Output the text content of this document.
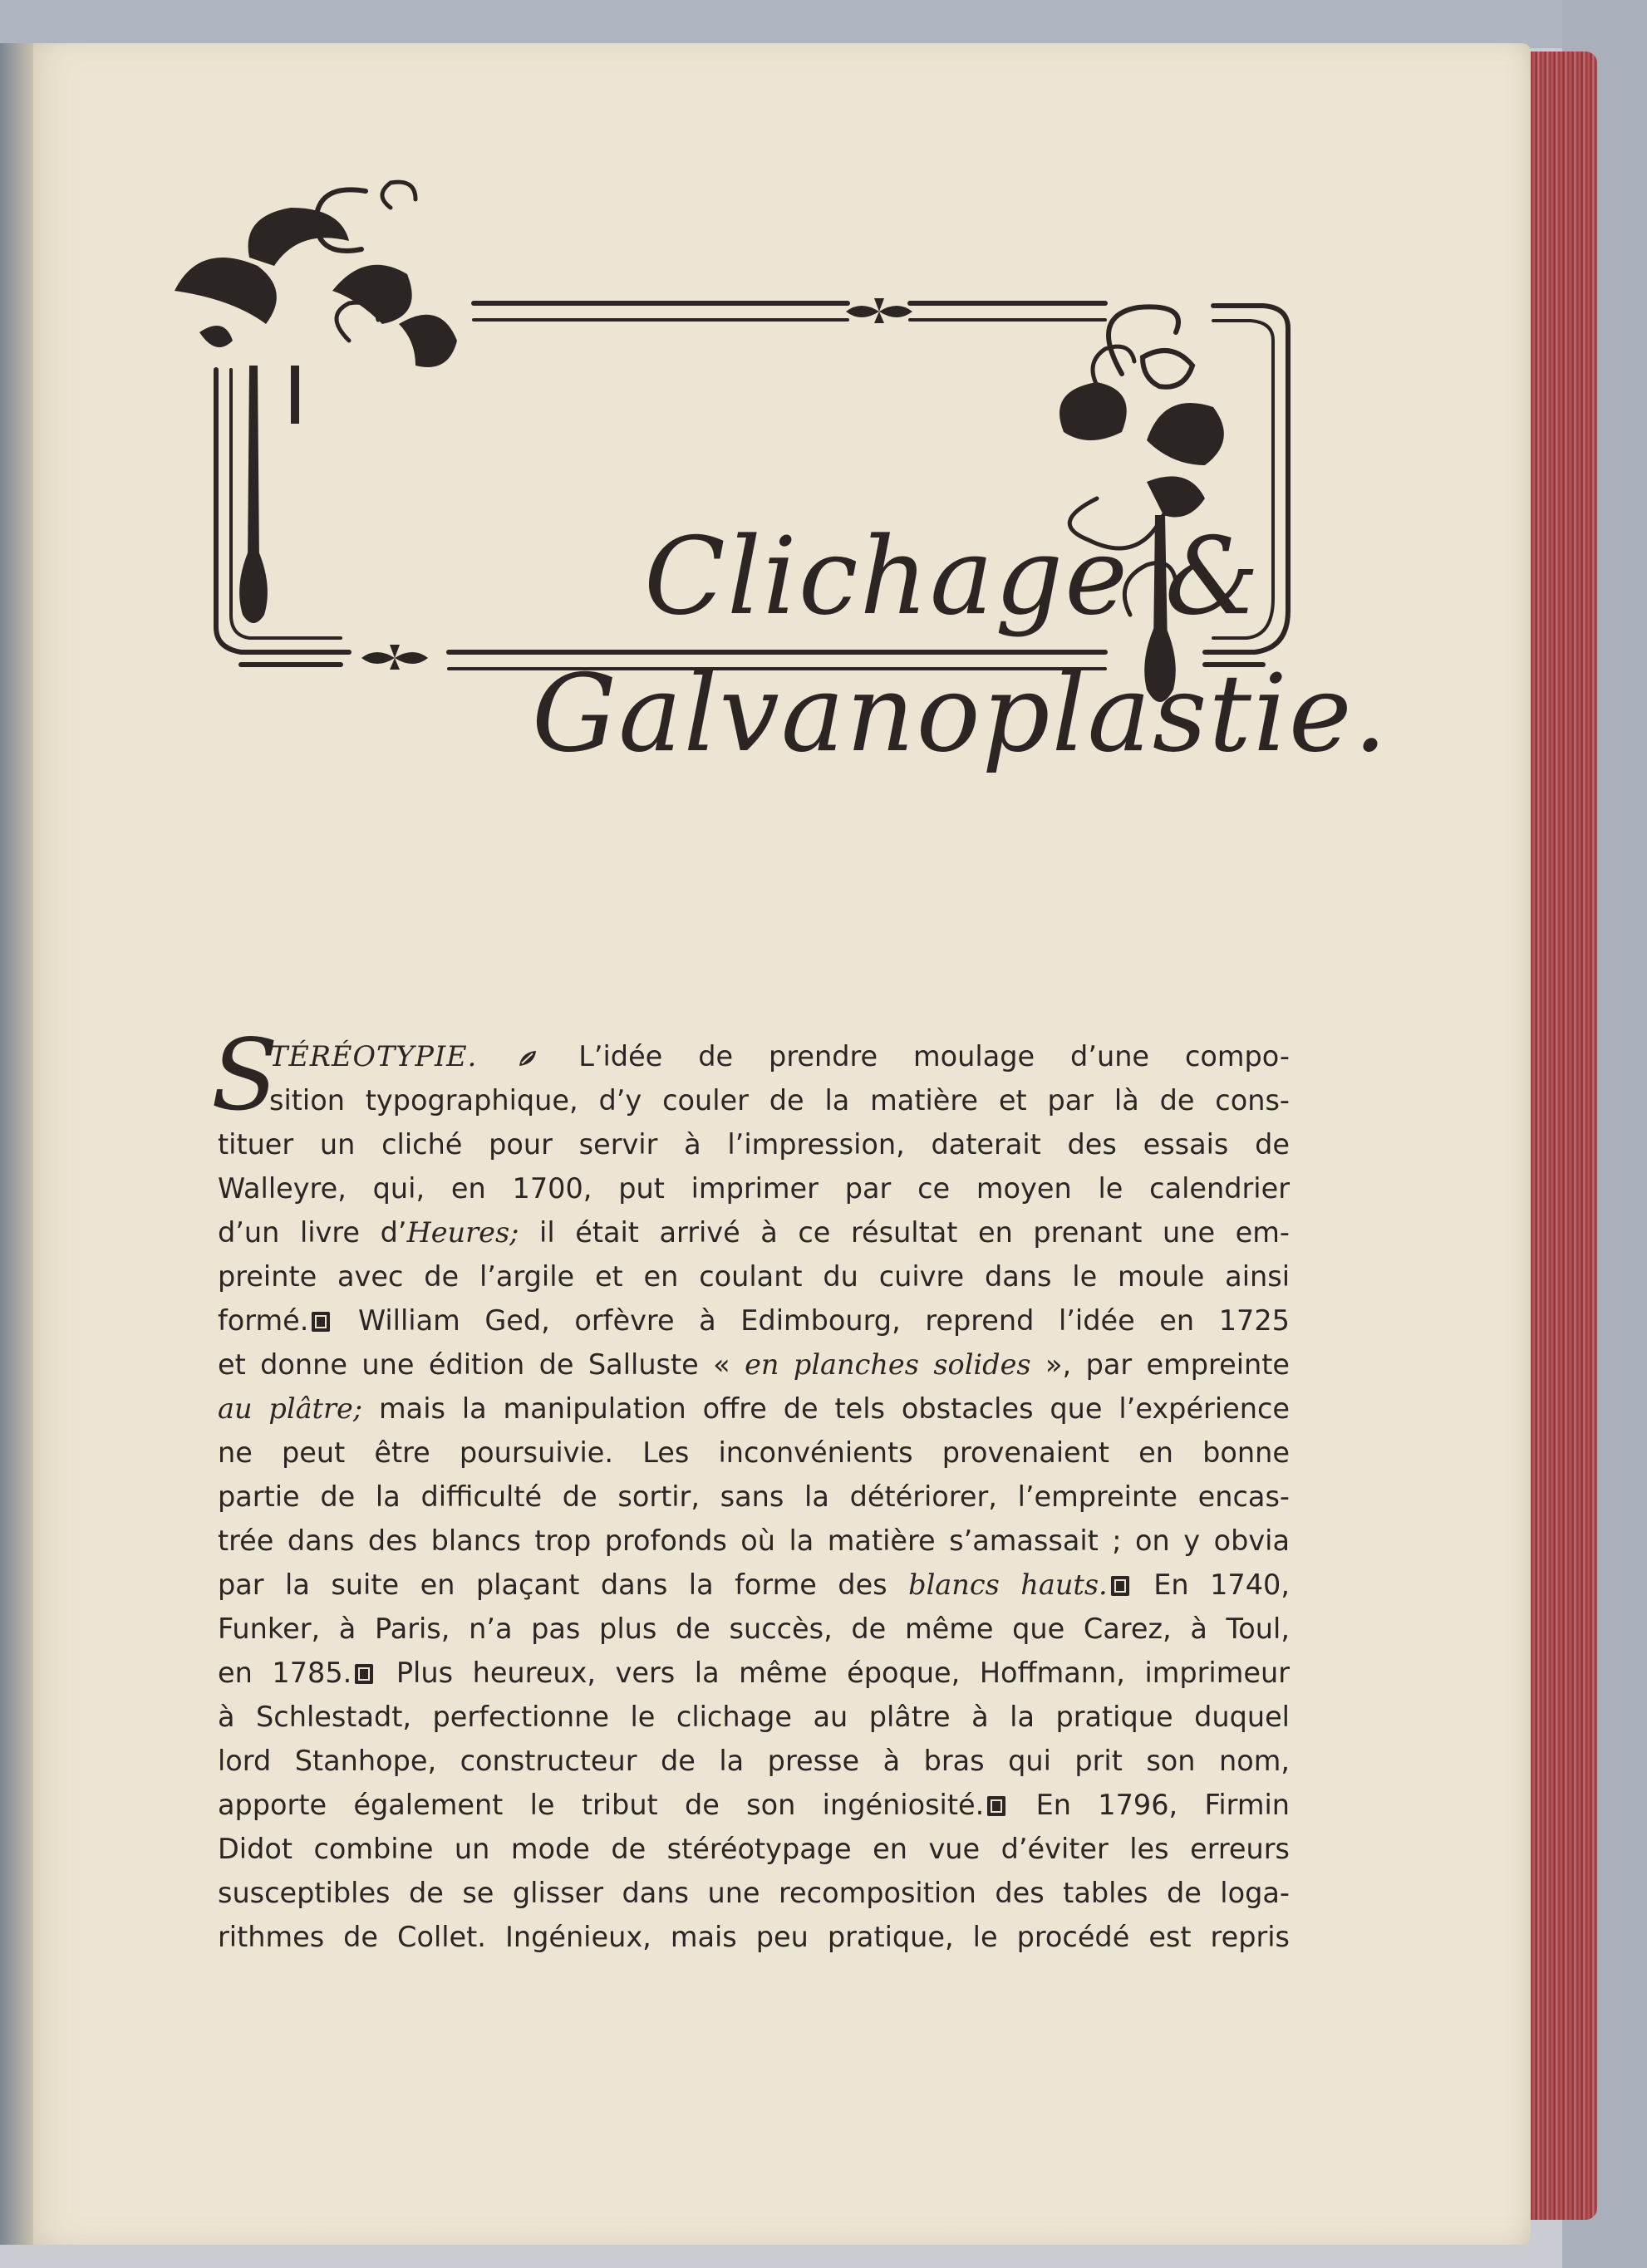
Clichage &
Galvanoplastie.
S
TÉRÉOTYPIE.	L’idée de prendre moulage d’une compo-
sition typographique, d’y couler de la matière et par là de cons-
tituer un cliché pour servir à l’impression, daterait des essais de
Walleyre, qui, en 1700, put imprimer par ce moyen le calendrier
d’un livre d’Heures; il était arrivé à ce résultat en prenant une em-
preinte avec de l’argile et en coulant du cuivre dans le moule ainsi
formé. William Ged, orfèvre à Edimbourg, reprend l’idée en 1725
et donne une édition de Salluste « en planches solides », par empreinte
au plâtre; mais la manipulation offre de tels obstacles que l’expérience
ne peut être poursuivie. Les inconvénients provenaient en bonne
partie de la difficulté de sortir, sans la détériorer, l’empreinte encas-
trée dans des blancs trop profonds où la matière s’amassait ; on y obvia
par la suite en plaçant dans la forme des blancs hauts. En 1740,
Funker, à Paris, n’a pas plus de succès, de même que Carez, à Toul,
en 1785. Plus heureux, vers la même époque, Hoffmann, imprimeur
à Schlestadt, perfectionne le clichage au plâtre à la pratique duquel
lord Stanhope, constructeur de la presse à bras qui prit son nom,
apporte également le tribut de son ingéniosité. En 1796, Firmin
Didot combine un mode de stéréotypage en vue d’éviter les erreurs
susceptibles de se glisser dans une recomposition des tables de loga-
rithmes de Collet. Ingénieux, mais peu pratique, le procédé est repris
